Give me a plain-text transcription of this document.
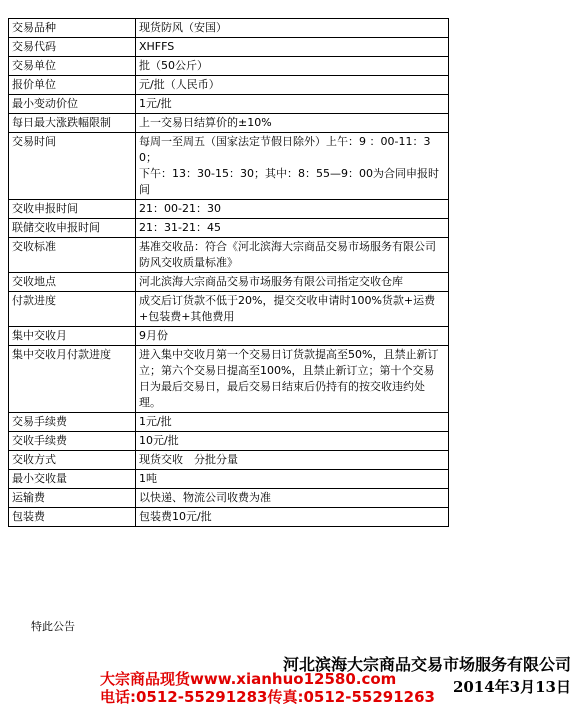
交易品种	现货防风（安国）
交易代码	XHFFS
交易单位	批（50公斤）
报价单位	元/批（人民币）
最小变动价位	1元/批
每日最大涨跌幅限制	上一交易日结算价的±10%
交易时间	每周一至周五（国家法定节假日除外）上午：9 ：00-11：30；
下午：13：30-15：30；其中：8：55—9：00为合同申报时间
交收申报时间	21：00-21：30
联储交收申报时间	21：31-21：45
交收标准	基准交收品：符合《河北滨海大宗商品交易市场服务有限公司防风交收质量标准》
交收地点	河北滨海大宗商品交易市场服务有限公司指定交收仓库
付款进度	成交后订货款不低于20%，提交交收申请时100%货款+运费+包装费+其他费用
集中交收月	9月份
集中交收月付款进度	进入集中交收月第一个交易日订货款提高至50%，且禁止新订立；第六个交易日提高至100%，且禁止新订立；第十个交易日为最后交易日，最后交易日结束后仍持有的按交收违约处理。
交易手续费	1元/批
交收手续费	10元/批
交收方式	现货交收　分批分量
最小交收量	1吨
运输费	以快递、物流公司收费为准
包装费	包装费10元/批
特此公告
河北滨海大宗商品交易市场服务有限公司
2014年3月13日
大宗商品现货www.xianhuo12580.com
电话:0512-55291283传真:0512-55291263
